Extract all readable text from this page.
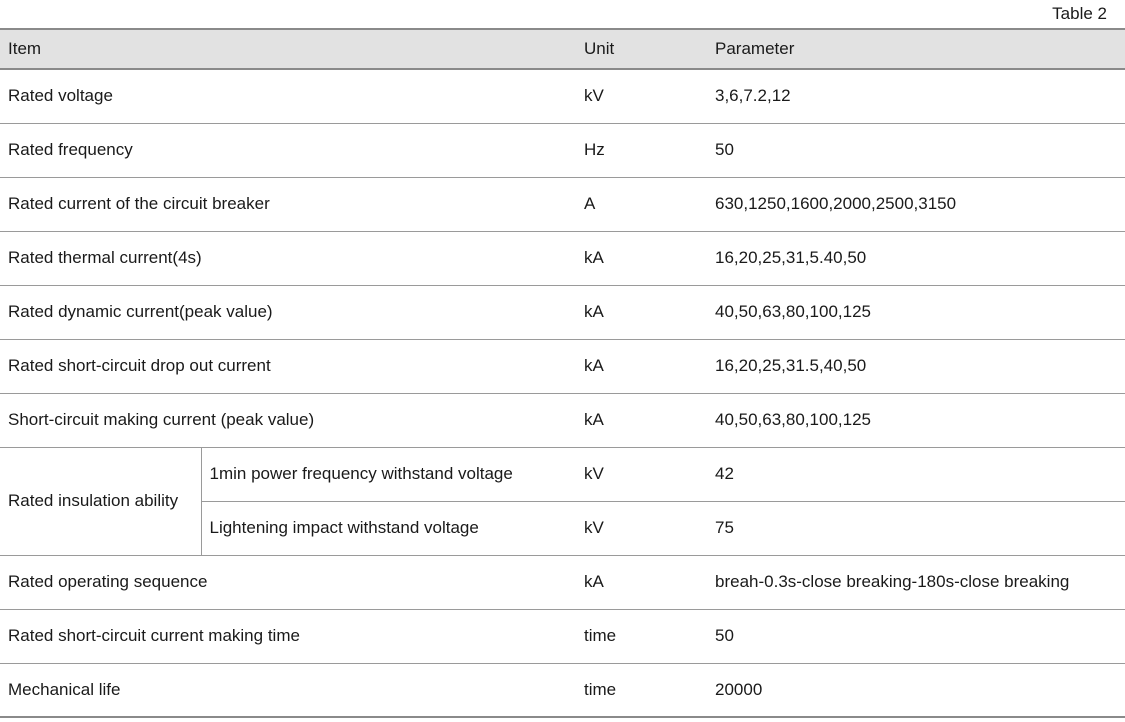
Table 2
Item		Unit	Parameter
Rated voltage		kV	3,6,7.2,12
Rated frequency		Hz	50
Rated current of the circuit breaker		A	630,1250,1600,2000,2500,3150
Rated thermal current(4s)		kA	16,20,25,31,5.40,50
Rated dynamic current(peak value)		kA	40,50,63,80,100,125
Rated short-circuit drop out current		kA	16,20,25,31.5,40,50
Short-circuit making current (peak value)		kA	40,50,63,80,100,125
Rated insulation ability	1min power frequency withstand voltage	kV	42
	Lightening impact withstand voltage	kV	75
Rated operating sequence		kA	breah-0.3s-close breaking-180s-close breaking
Rated short-circuit current making time		time	50
Mechanical life		time	20000
